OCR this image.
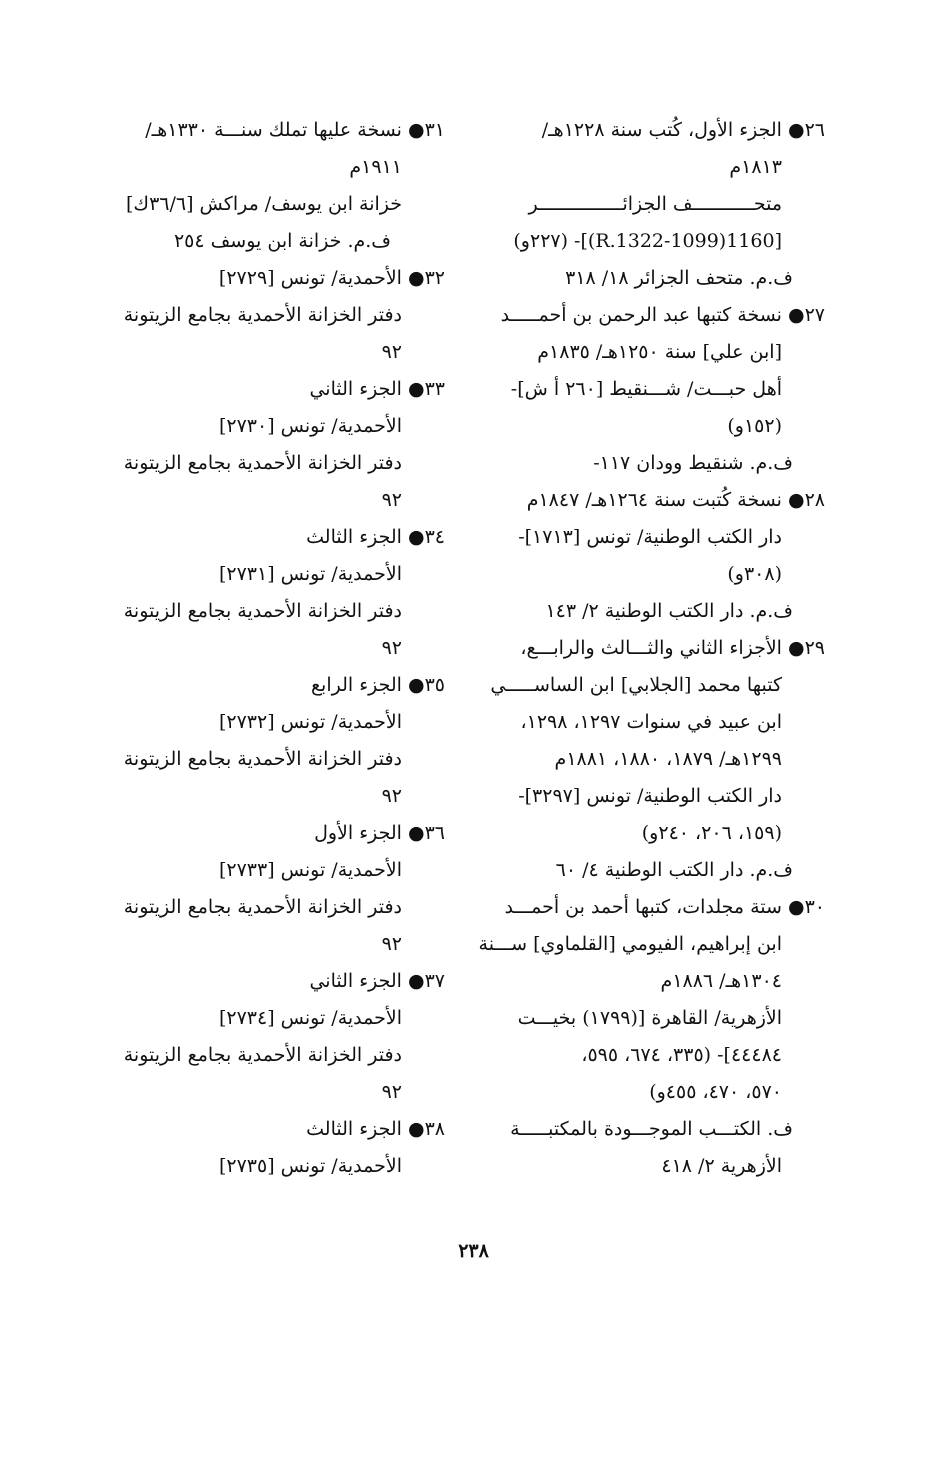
٢٦● الجزء الأول، كُتب سنة ١٢٢٨هـ/
١٨١٣م
متحـــــــــــف الجزائـــــــــــــــر
[1160(1099-R.1322)]- (٢٢٧و)
ف.م. متحف الجزائر ١٨/ ٣١٨
٢٧● نسخة كتبها عبد الرحمن بن أحمـــــد
[ابن علي] سنة ١٢٥٠هـ/ ١٨٣٥م
أهل حبـــت/ شـــنقيط [٢٦٠ أ ش]-
(١٥٢و)
ف.م. شنقيط وودان ١١٧-
٢٨● نسخة كُتبت سنة ١٢٦٤هـ/ ١٨٤٧م
دار الكتب الوطنية/ تونس [١٧١٣]-
(٣٠٨و)
ف.م. دار الكتب الوطنية ٢/ ١٤٣
٢٩● الأجزاء الثاني والثـــالث والرابـــع،
كتبها محمد [الجلابي] ابن الساســـــي
ابن عبيد في سنوات ١٢٩٧، ١٢٩٨،
١٢٩٩هـ/ ١٨٧٩، ١٨٨٠، ١٨٨١م
دار الكتب الوطنية/ تونس [٣٢٩٧]-
(١٥٩، ٢٠٦، ٢٤٠و)
ف.م. دار الكتب الوطنية ٤/ ٦٠
٣٠● ستة مجلدات، كتبها أحمد بن أحمـــد
ابن إبراهيم، الفيومي [القلماوي] ســـنة
١٣٠٤هـ/ ١٨٨٦م
الأزهرية/ القاهرة [(١٧٩٩) بخيـــت
٤٤٤٨٤]- (٣٣٥، ٦٧٤، ٥٩٥،
٥٧٠، ٤٧٠، ٤٥٥و)
ف. الكتـــب الموجـــودة بالمكتبـــــة
الأزهرية ٢/ ٤١٨
٣١● نسخة عليها تملك سنـــة ١٣٣٠هـ/
١٩١١م
خزانة ابن يوسف/ مراكش [٣٦/٦ك]
ف.م. خزانة ابن يوسف ٢٥٤
٣٢● الأحمدية/ تونس [٢٧٢٩]
دفتر الخزانة الأحمدية بجامع الزيتونة
٩٢
٣٣● الجزء الثاني
الأحمدية/ تونس [٢٧٣٠]
دفتر الخزانة الأحمدية بجامع الزيتونة
٩٢
٣٤● الجزء الثالث
الأحمدية/ تونس [٢٧٣١]
دفتر الخزانة الأحمدية بجامع الزيتونة
٩٢
٣٥● الجزء الرابع
الأحمدية/ تونس [٢٧٣٢]
دفتر الخزانة الأحمدية بجامع الزيتونة
٩٢
٣٦● الجزء الأول
الأحمدية/ تونس [٢٧٣٣]
دفتر الخزانة الأحمدية بجامع الزيتونة
٩٢
٣٧● الجزء الثاني
الأحمدية/ تونس [٢٧٣٤]
دفتر الخزانة الأحمدية بجامع الزيتونة
٩٢
٣٨● الجزء الثالث
الأحمدية/ تونس [٢٧٣٥]
٢٣٨
